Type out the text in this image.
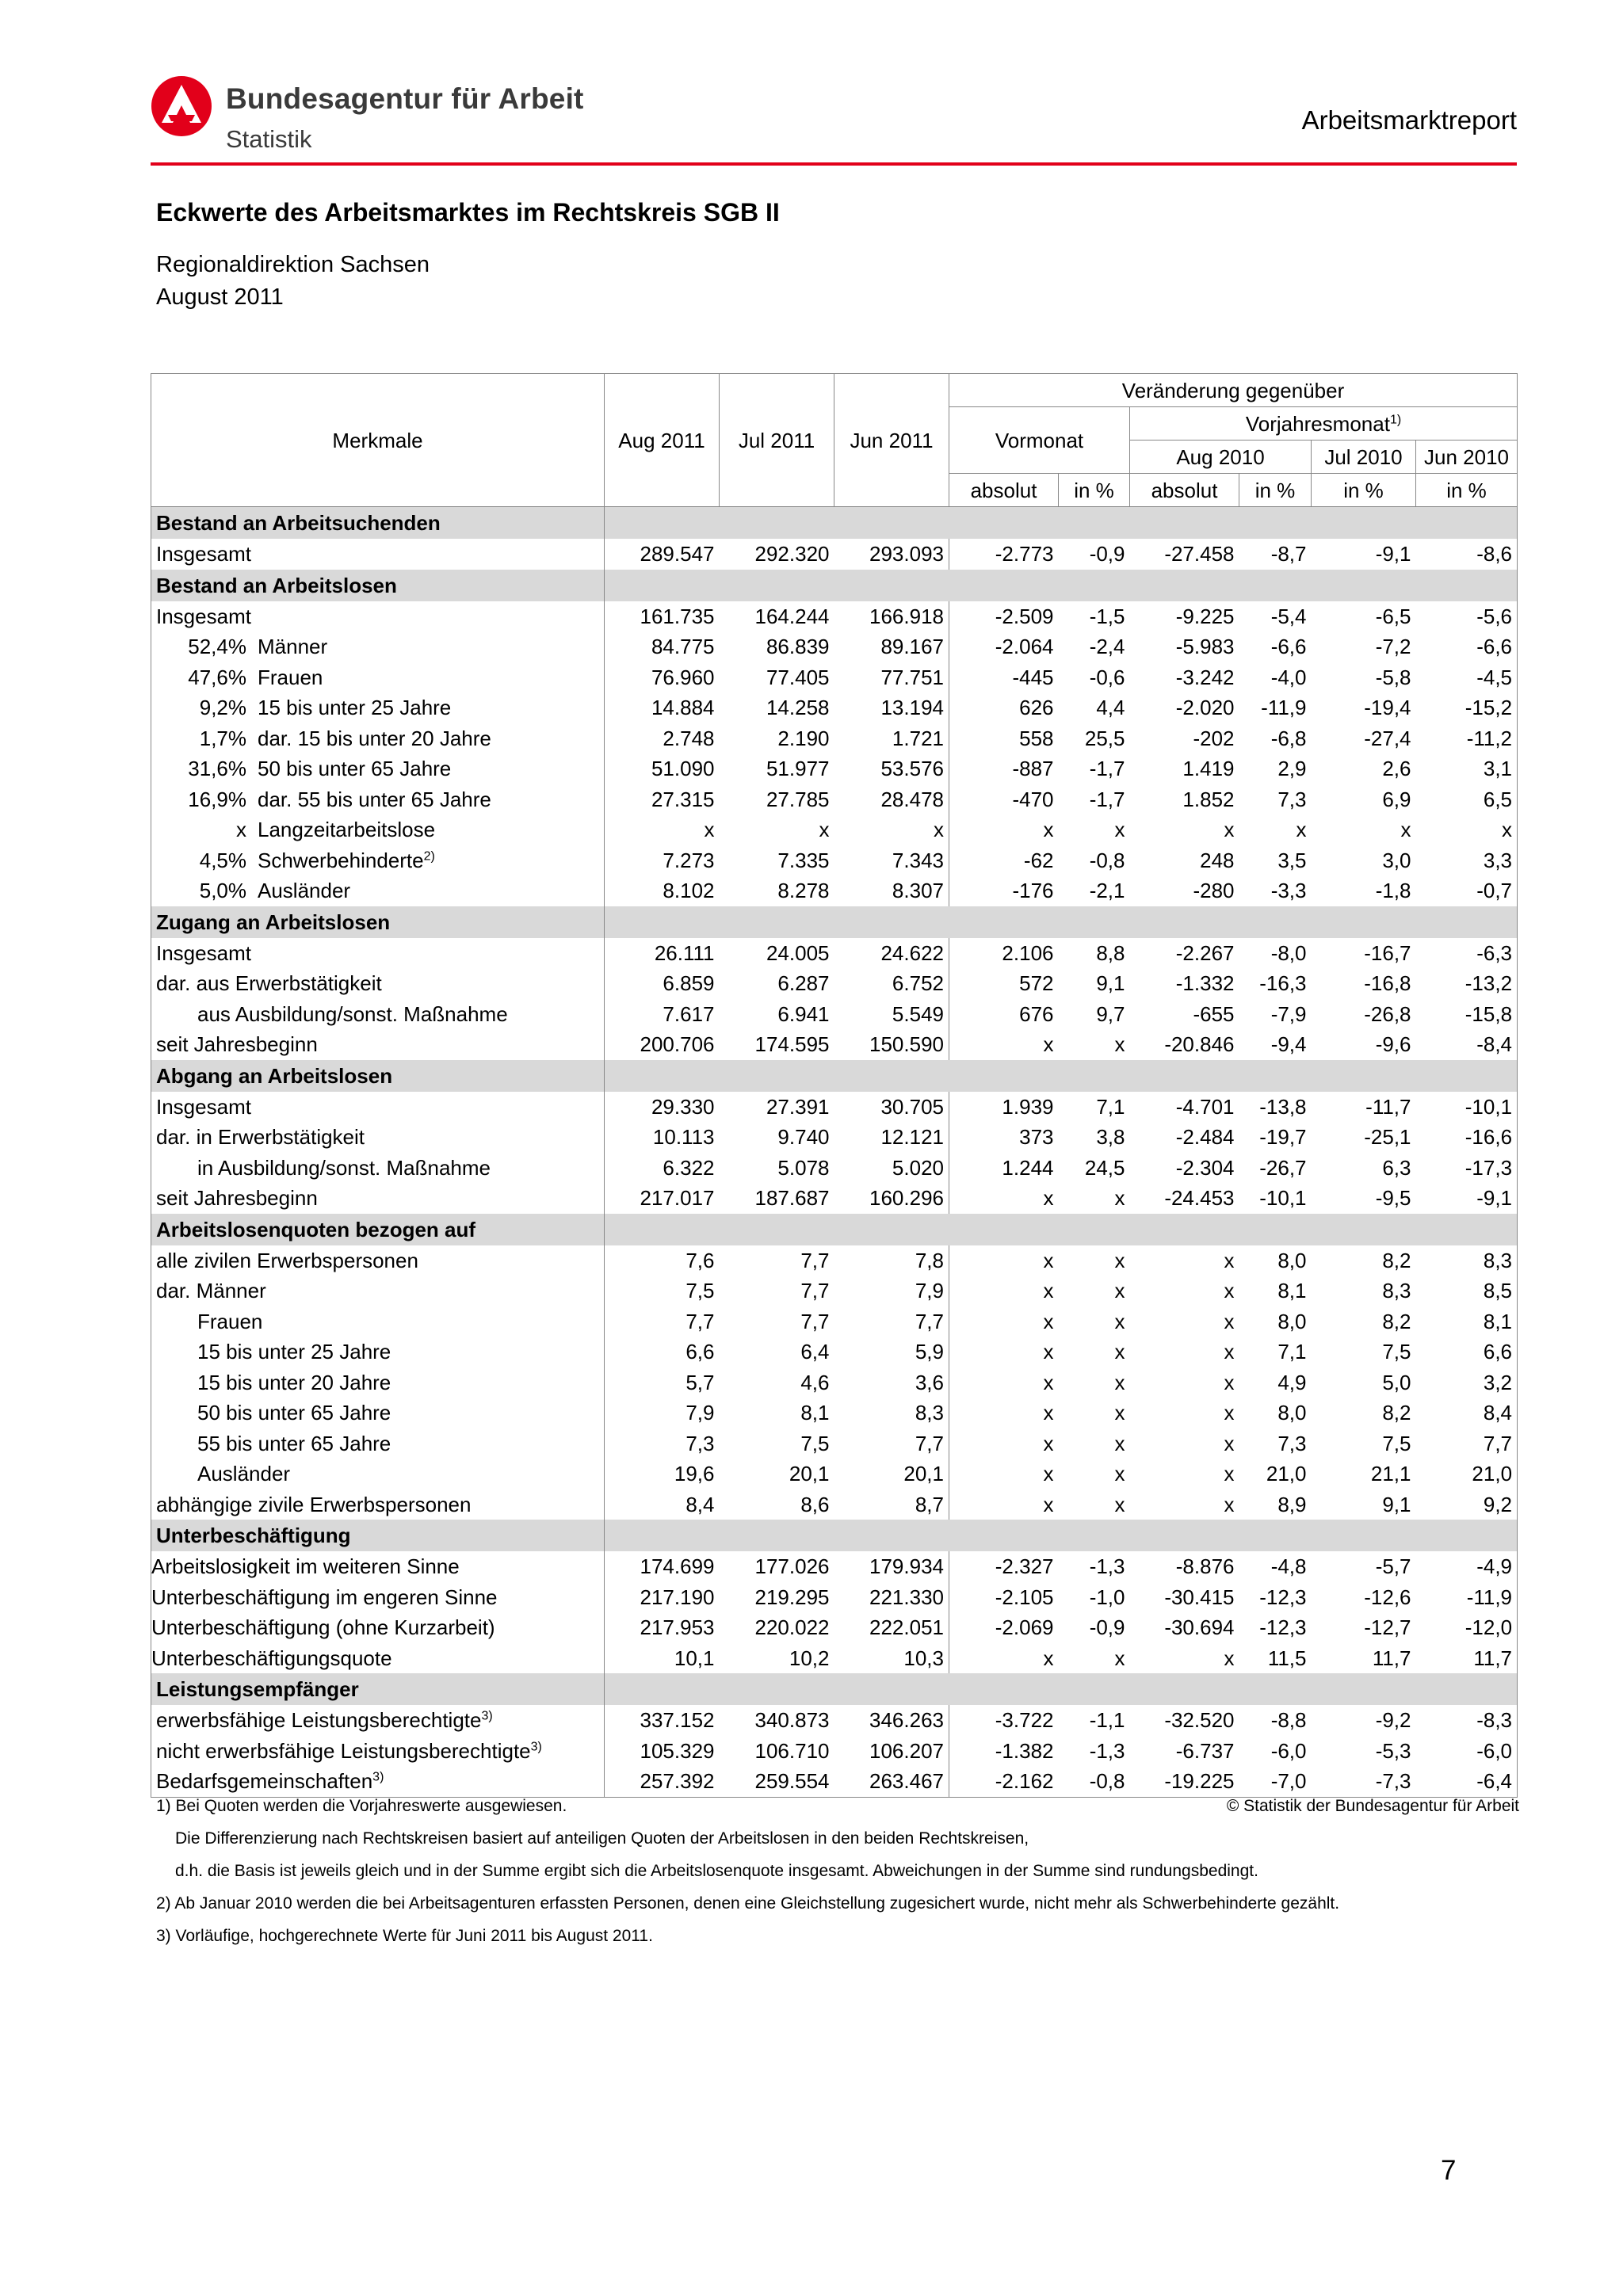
Bundesagentur für Arbeit
Statistik
Arbeitsmarktreport
Eckwerte des Arbeitsmarktes im Rechtskreis SGB II
Regionaldirektion Sachsen
August 2011
Merkmale	Aug 2011	Jul 2011	Jun 2011	Veränderung gegenüber					
				Vormonat		Vorjahresmonat$^{1)}$
						Aug 2010		Jul 2010	Jun 2010
				absolut	in %	absolut	in %	in %	in %
Bestand an Arbeitsuchenden									
Insgesamt	289.547	292.320	293.093	-2.773	-0,9	-27.458	-8,7	-9,1	-8,6
Bestand an Arbeitslosen									
Insgesamt	161.735	164.244	166.918	-2.509	-1,5	-9.225	-5,4	-6,5	-5,6
52,4% Männer	84.775	86.839	89.167	-2.064	-2,4	-5.983	-6,6	-7,2	-6,6
47,6% Frauen	76.960	77.405	77.751	-445	-0,6	-3.242	-4,0	-5,8	-4,5
9,2% 15 bis unter 25 Jahre	14.884	14.258	13.194	626	4,4	-2.020	-11,9	-19,4	-15,2
1,7% dar. 15 bis unter 20 Jahre	2.748	2.190	1.721	558	25,5	-202	-6,8	-27,4	-11,2
31,6% 50 bis unter 65 Jahre	51.090	51.977	53.576	-887	-1,7	1.419	2,9	2,6	3,1
16,9% dar. 55 bis unter 65 Jahre	27.315	27.785	28.478	-470	-1,7	1.852	7,3	6,9	6,5
x Langzeitarbeitslose	x	x	x	x	x	x	x	x	x
4,5% Schwerbehinderte$^{2)}$	7.273	7.335	7.343	-62	-0,8	248	3,5	3,0	3,3
5,0% Ausländer	8.102	8.278	8.307	-176	-2,1	-280	-3,3	-1,8	-0,7
Zugang an Arbeitslosen									
Insgesamt	26.111	24.005	24.622	2.106	8,8	-2.267	-8,0	-16,7	-6,3
dar. aus Erwerbstätigkeit	6.859	6.287	6.752	572	9,1	-1.332	-16,3	-16,8	-13,2
aus Ausbildung/sonst. Maßnahme	7.617	6.941	5.549	676	9,7	-655	-7,9	-26,8	-15,8
seit Jahresbeginn	200.706	174.595	150.590	x	x	-20.846	-9,4	-9,6	-8,4
Abgang an Arbeitslosen									
Insgesamt	29.330	27.391	30.705	1.939	7,1	-4.701	-13,8	-11,7	-10,1
dar. in Erwerbstätigkeit	10.113	9.740	12.121	373	3,8	-2.484	-19,7	-25,1	-16,6
in Ausbildung/sonst. Maßnahme	6.322	5.078	5.020	1.244	24,5	-2.304	-26,7	6,3	-17,3
seit Jahresbeginn	217.017	187.687	160.296	x	x	-24.453	-10,1	-9,5	-9,1
Arbeitslosenquoten bezogen auf									
alle zivilen Erwerbspersonen	7,6	7,7	7,8	x	x	x	8,0	8,2	8,3
dar. Männer	7,5	7,7	7,9	x	x	x	8,1	8,3	8,5
Frauen	7,7	7,7	7,7	x	x	x	8,0	8,2	8,1
15 bis unter 25 Jahre	6,6	6,4	5,9	x	x	x	7,1	7,5	6,6
15 bis unter 20 Jahre	5,7	4,6	3,6	x	x	x	4,9	5,0	3,2
50 bis unter 65 Jahre	7,9	8,1	8,3	x	x	x	8,0	8,2	8,4
55 bis unter 65 Jahre	7,3	7,5	7,7	x	x	x	7,3	7,5	7,7
Ausländer	19,6	20,1	20,1	x	x	x	21,0	21,1	21,0
abhängige zivile Erwerbspersonen	8,4	8,6	8,7	x	x	x	8,9	9,1	9,2
Unterbeschäftigung									
Arbeitslosigkeit im weiteren Sinne	174.699	177.026	179.934	-2.327	-1,3	-8.876	-4,8	-5,7	-4,9
Unterbeschäftigung im engeren Sinne	217.190	219.295	221.330	-2.105	-1,0	-30.415	-12,3	-12,6	-11,9
Unterbeschäftigung (ohne Kurzarbeit)	217.953	220.022	222.051	-2.069	-0,9	-30.694	-12,3	-12,7	-12,0
Unterbeschäftigungsquote	10,1	10,2	10,3	x	x	x	11,5	11,7	11,7
Leistungsempfänger									
erwerbsfähige Leistungsberechtigte$^{3)}$	337.152	340.873	346.263	-3.722	-1,1	-32.520	-8,8	-9,2	-8,3
nicht erwerbsfähige Leistungsberechtigte$^{3)}$	105.329	106.710	106.207	-1.382	-1,3	-6.737	-6,0	-5,3	-6,0
Bedarfsgemeinschaften$^{3)}$	257.392	259.554	263.467	-2.162	-0,8	-19.225	-7,0	-7,3	-6,4
1) Bei Quoten werden die Vorjahreswerte ausgewiesen.	© Statistik der Bundesagentur für Arbeit
Die Differenzierung nach Rechtskreisen basiert auf anteiligen Quoten der Arbeitslosen in den beiden Rechtskreisen,
d.h. die Basis ist jeweils gleich und in der Summe ergibt sich die Arbeitslosenquote insgesamt. Abweichungen in der Summe sind rundungsbedingt.
2) Ab Januar 2010 werden die bei Arbeitsagenturen erfassten Personen, denen eine Gleichstellung zugesichert wurde, nicht mehr als Schwerbehinderte gezählt.
3) Vorläufige, hochgerechnete Werte für Juni 2011 bis August 2011.
7
